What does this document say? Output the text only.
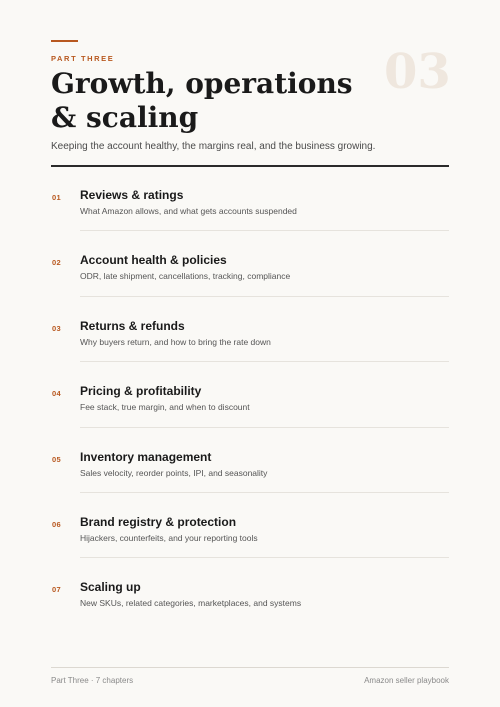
PART THREE	03
Growth, operations & scaling
Keeping the account healthy, the margins real, and the business growing.
01 Reviews & ratings
What Amazon allows, and what gets accounts suspended
02 Account health & policies
ODR, late shipment, cancellations, tracking, compliance
03 Returns & refunds
Why buyers return, and how to bring the rate down
04 Pricing & profitability
Fee stack, true margin, and when to discount
05 Inventory management
Sales velocity, reorder points, IPI, and seasonality
06 Brand registry & protection
Hijackers, counterfeits, and your reporting tools
07 Scaling up
New SKUs, related categories, marketplaces, and systems
Part Three · 7 chapters	Amazon seller playbook
